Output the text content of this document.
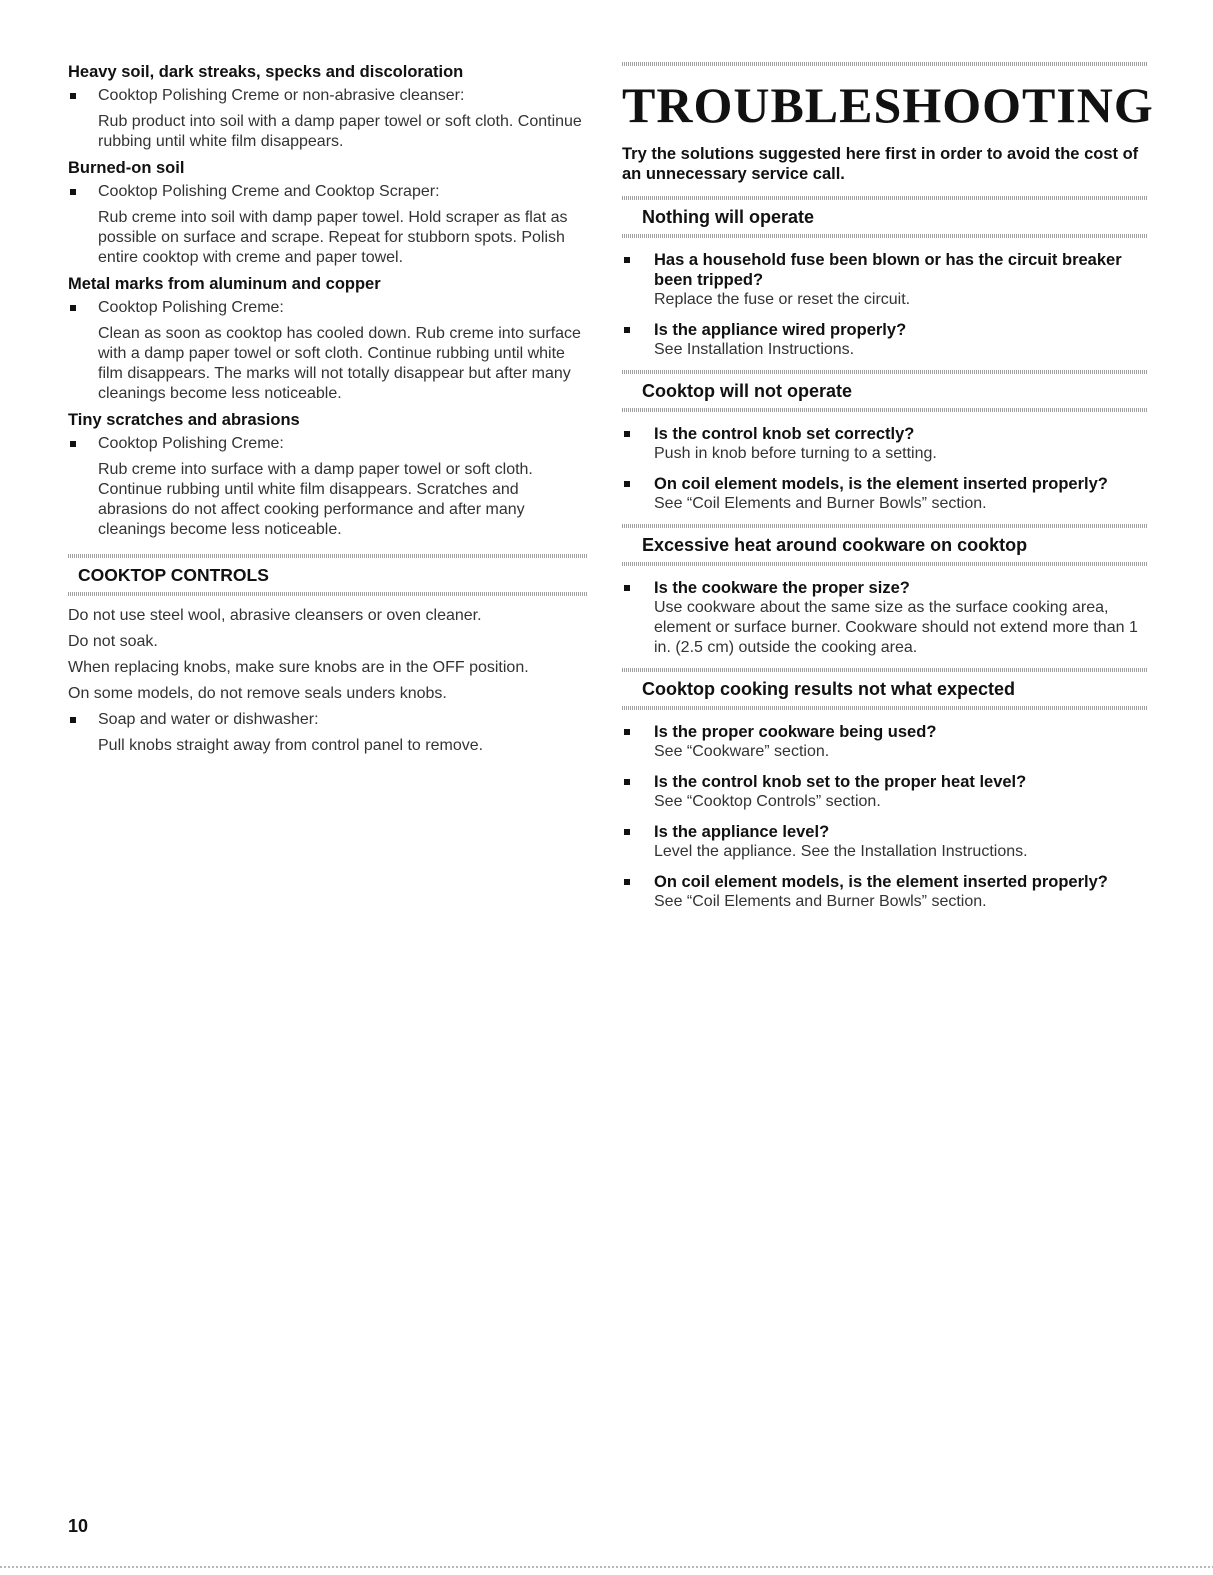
Heavy soil, dark streaks, specks and discoloration
Cooktop Polishing Creme or non-abrasive cleanser:
Rub product into soil with a damp paper towel or soft cloth. Continue rubbing until white film disappears.
Burned-on soil
Cooktop Polishing Creme and Cooktop Scraper:
Rub creme into soil with damp paper towel. Hold scraper as flat as possible on surface and scrape. Repeat for stubborn spots. Polish entire cooktop with creme and paper towel.
Metal marks from aluminum and copper
Cooktop Polishing Creme:
Clean as soon as cooktop has cooled down. Rub creme into surface with a damp paper towel or soft cloth. Continue rubbing until white film disappears. The marks will not totally disappear but after many cleanings become less noticeable.
Tiny scratches and abrasions
Cooktop Polishing Creme:
Rub creme into surface with a damp paper towel or soft cloth. Continue rubbing until white film disappears. Scratches and abrasions do not affect cooking performance and after many cleanings become less noticeable.
COOKTOP CONTROLS
Do not use steel wool, abrasive cleansers or oven cleaner.
Do not soak.
When replacing knobs, make sure knobs are in the OFF position.
On some models, do not remove seals unders knobs.
Soap and water or dishwasher:
Pull knobs straight away from control panel to remove.
TROUBLESHOOTING
Try the solutions suggested here first in order to avoid the cost of an unnecessary service call.
Nothing will operate
Has a household fuse been blown or has the circuit breaker been tripped?
Replace the fuse or reset the circuit.
Is the appliance wired properly?
See Installation Instructions.
Cooktop will not operate
Is the control knob set correctly?
Push in knob before turning to a setting.
On coil element models, is the element inserted properly?
See “Coil Elements and Burner Bowls” section.
Excessive heat around cookware on cooktop
Is the cookware the proper size?
Use cookware about the same size as the surface cooking area, element or surface burner. Cookware should not extend more than 1 in. (2.5 cm) outside the cooking area.
Cooktop cooking results not what expected
Is the proper cookware being used?
See “Cookware” section.
Is the control knob set to the proper heat level?
See “Cooktop Controls” section.
Is the appliance level?
Level the appliance. See the Installation Instructions.
On coil element models, is the element inserted properly?
See “Coil Elements and Burner Bowls” section.
10
